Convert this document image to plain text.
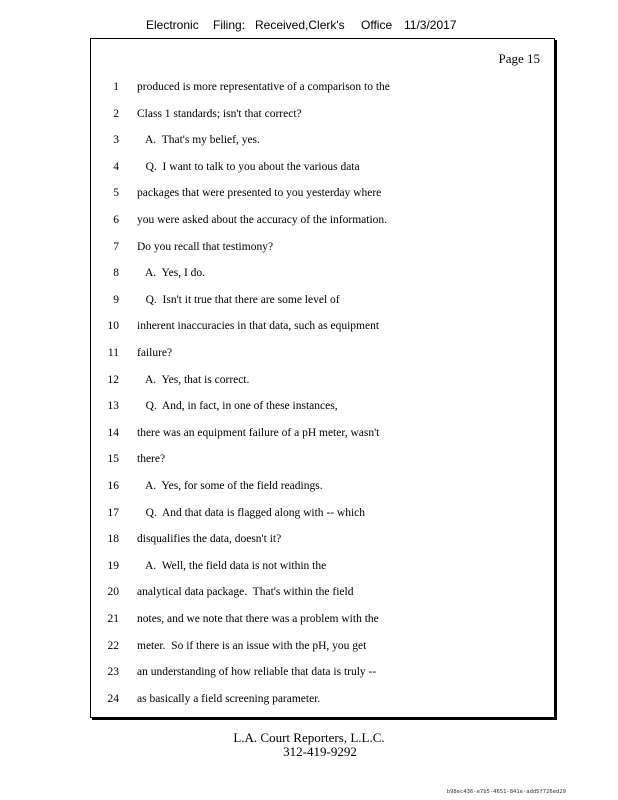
Electronic Filing: Received,Clerk's Office 11/3/2017
Page 15
1 produced is more representative of a comparison to the
2 Class 1 standards; isn't that correct?
3 A.  That's my belief, yes.
4 Q.  I want to talk to you about the various data
5 packages that were presented to you yesterday where
6 you were asked about the accuracy of the information.
7 Do you recall that testimony?
8 A.  Yes, I do.
9 Q.  Isn't it true that there are some level of
10 inherent inaccuracies in that data, such as equipment
11 failure?
12 A.  Yes, that is correct.
13 Q.  And, in fact, in one of these instances,
14 there was an equipment failure of a pH meter, wasn't
15 there?
16 A.  Yes, for some of the field readings.
17 Q.  And that data is flagged along with -- which
18 disqualifies the data, doesn't it?
19 A.  Well, the field data is not within the
20 analytical data package.  That's within the field
21 notes, and we note that there was a problem with the
22 meter.  So if there is an issue with the pH, you get
23 an understanding of how reliable that data is truly --
24 as basically a field screening parameter.
L.A. Court Reporters, L.L.C.
312-419-9292
b98ec436-e7b5-4651-841e-add5f726ed29
